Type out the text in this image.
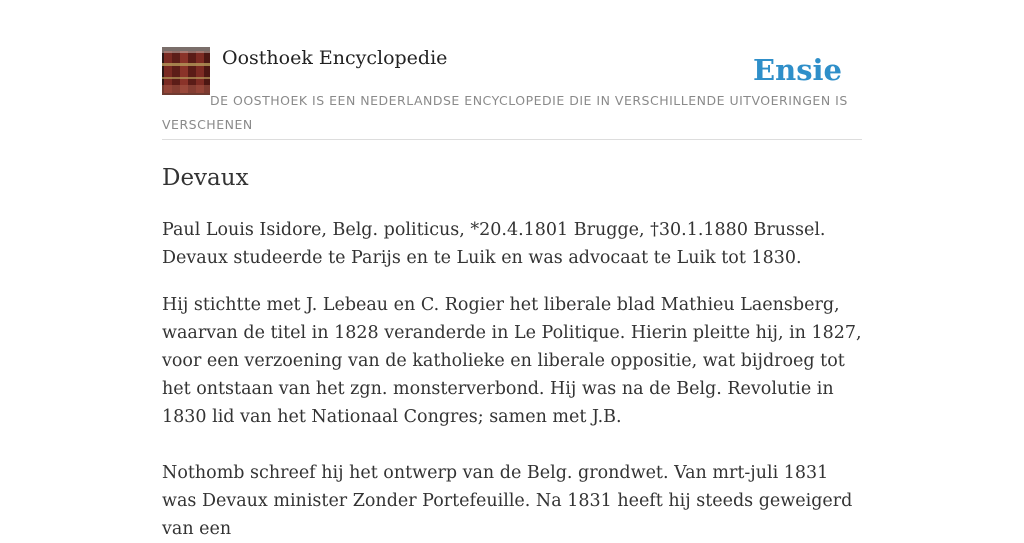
Oosthoek Encyclopedie	Ensie

DE OOSTHOEK IS EEN NEDERLANDSE ENCYCLOPEDIE DIE IN VERSCHILLENDE UITVOERINGEN IS VERSCHENEN

Devaux

Paul Louis Isidore, Belg. politicus, *20.4.1801 Brugge, †30.1.1880 Brussel. Devaux studeerde te Parijs en te Luik en was advocaat te Luik tot 1830.

Hij stichtte met J. Lebeau en C. Rogier het liberale blad Mathieu Laensberg, waarvan de titel in 1828 veranderde in Le Politique. Hierin pleitte hij, in 1827, voor een verzoening van de katholieke en liberale oppositie, wat bijdroeg tot het ontstaan van het zgn. monsterverbond. Hij was na de Belg. Revolutie in 1830 lid van het Nationaal Congres; samen met J.B.

Nothomb schreef hij het ontwerp van de Belg. grondwet. Van mrt-juli 1831 was Devaux minister Zonder Portefeuille. Na 1831 heeft hij steeds geweigerd van een
